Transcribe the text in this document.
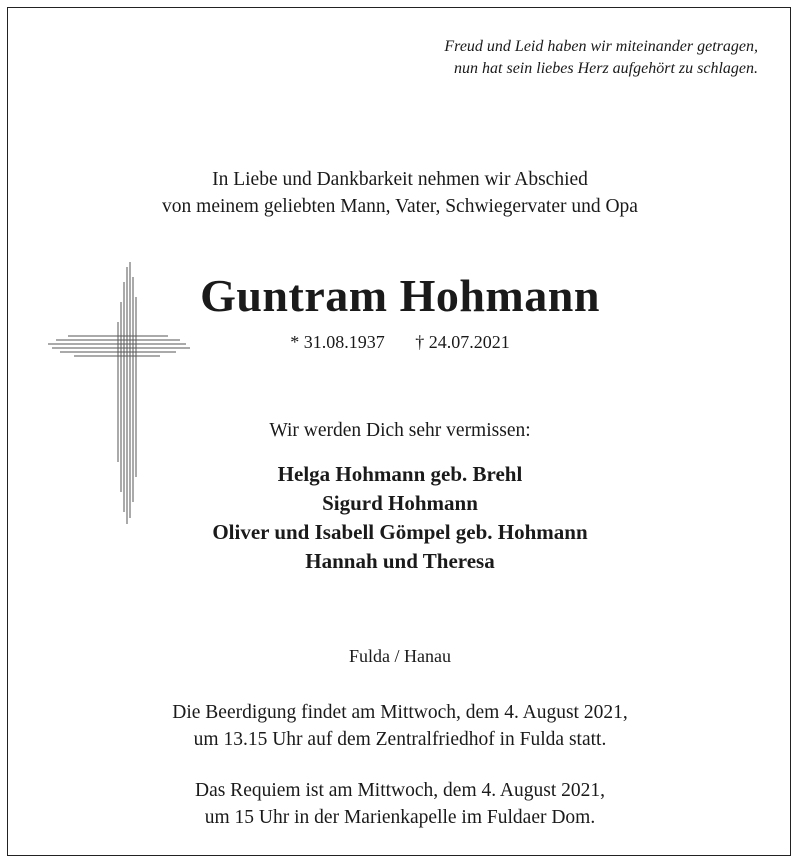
Freud und Leid haben wir miteinander getragen,
nun hat sein liebes Herz aufgehört zu schlagen.
In Liebe und Dankbarkeit nehmen wir Abschied
von meinem geliebten Mann, Vater, Schwiegervater und Opa
Guntram Hohmann
* 31.08.1937 † 24.07.2021
Wir werden Dich sehr vermissen:
Helga Hohmann geb. Brehl
Sigurd Hohmann
Oliver und Isabell Gömpel geb. Hohmann
Hannah und Theresa
Fulda / Hanau
Die Beerdigung findet am Mittwoch, dem 4. August 2021,
um 13.15 Uhr auf dem Zentralfriedhof in Fulda statt.
Das Requiem ist am Mittwoch, dem 4. August 2021,
um 15 Uhr in der Marienkapelle im Fuldaer Dom.
